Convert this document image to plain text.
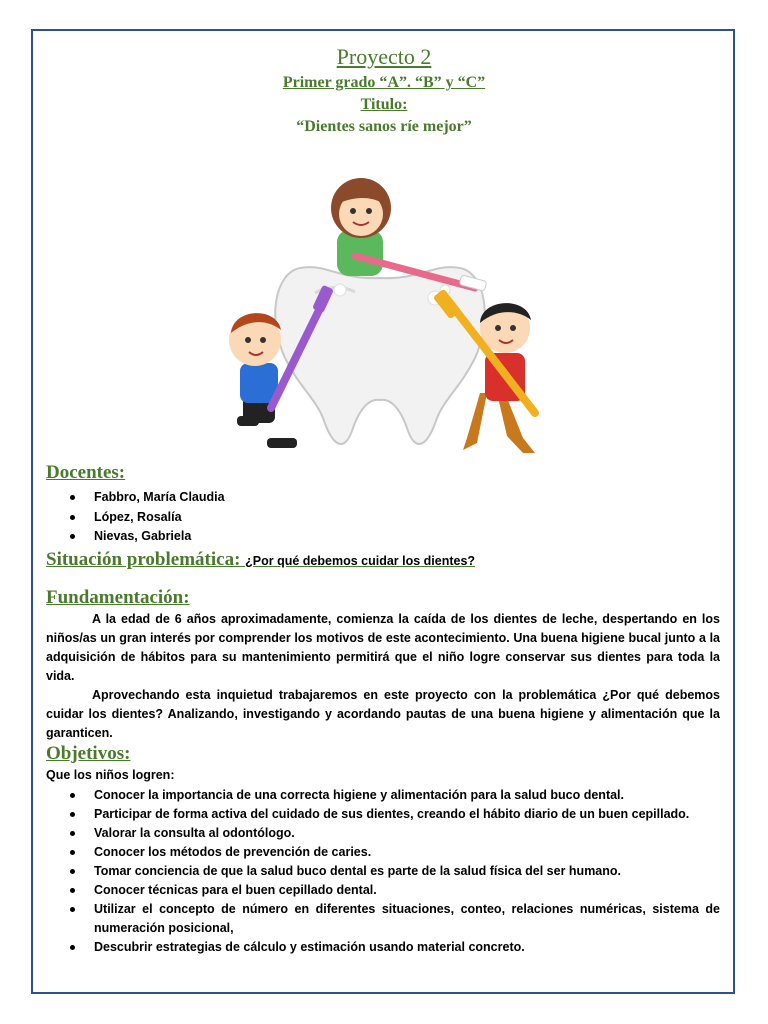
Proyecto 2
Primer grado “A”. “B” y “C”
Titulo:
“Dientes sanos ríe mejor”
Docentes:
Fabbro, María Claudia
López, Rosalía
Nievas, Gabriela
Situación problemática: ¿Por qué debemos cuidar los dientes?
Fundamentación:

A la edad de 6 años aproximadamente, comienza la caída de los dientes de leche, despertando en los niños/as un gran interés por comprender los motivos de este acontecimiento. Una buena higiene bucal junto a la adquisición de hábitos para su mantenimiento permitirá que el niño logre conservar sus dientes para toda la vida.

Aprovechando esta inquietud trabajaremos en este proyecto con la problemática ¿Por qué debemos cuidar los dientes? Analizando, investigando y acordando pautas de una buena higiene y alimentación que la garanticen.

Objetivos:
Que los niños logren:
Conocer la importancia de una correcta higiene y alimentación para la salud buco dental.
Participar de forma activa del cuidado de sus dientes, creando el hábito diario de un buen cepillado.
Valorar la consulta al odontólogo.
Conocer los métodos de prevención de caries.
Tomar conciencia de que la salud buco dental es parte de la salud física del ser humano.
Conocer técnicas para el buen cepillado dental.
Utilizar el concepto de número en diferentes situaciones, conteo, relaciones numéricas, sistema de numeración posicional,
Descubrir estrategias de cálculo y estimación usando material concreto.
